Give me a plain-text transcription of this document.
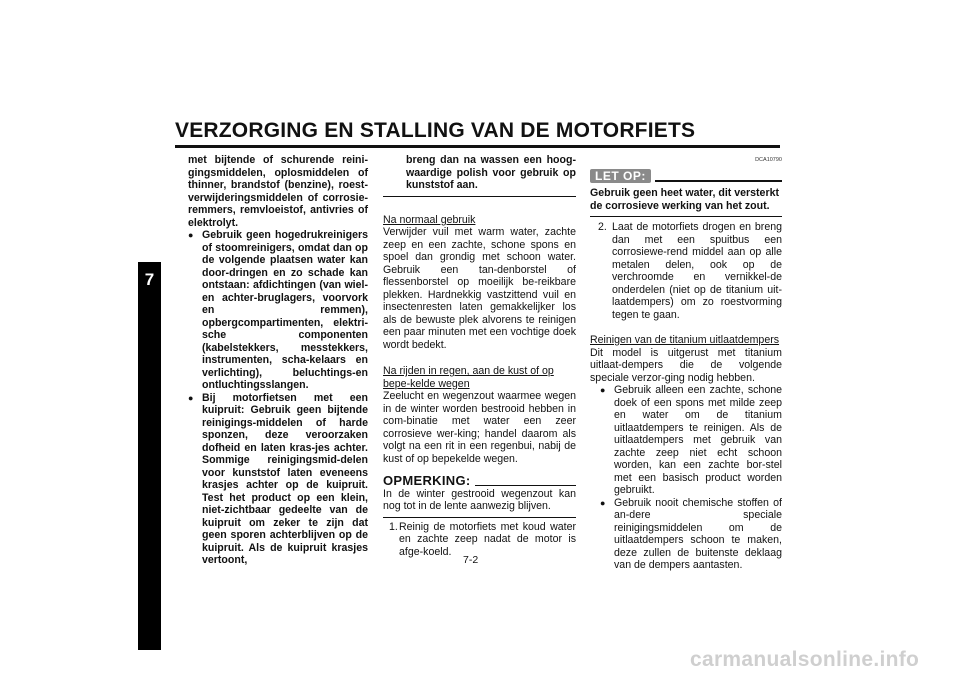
VERZORGING EN STALLING VAN DE MOTORFIETS
7

met bijtende of schurende reini-gingsmiddelen, oplosmiddelen of thinner, brandstof (benzine), roest-verwijderingsmiddelen of corrosie-remmers, remvloeistof, antivries of elektrolyt.

● Gebruik geen hogedrukreinigers of stoomreinigers, omdat dan op de volgende plaatsen water kan door-dringen en zo schade kan ontstaan: afdichtingen (van wiel- en achter-bruglagers, voorvork en remmen), opbergcompartimenten, elektri-sche componenten (kabelstekkers, messtekkers, instrumenten, scha-kelaars en verlichting), beluchtings-en ontluchtingsslangen.

● Bij motorfietsen met een kuipruit: Gebruik geen bijtende reinigings-middelen of harde sponzen, deze veroorzaken dofheid en laten kras-jes achter. Sommige reinigingsmid-delen voor kunststof laten eveneens krasjes achter op de kuipruit. Test het product op een klein, niet-zichtbaar gedeelte van de kuipruit om zeker te zijn dat geen sporen achterblijven op de kuipruit. Als de kuipruit krasjes vertoont,

breng dan na wassen een hoog-waardige polish voor gebruik op kunststof aan.

Na normaal gebruik

Verwijder vuil met warm water, zachte zeep en een zachte, schone spons en spoel dan grondig met schoon water. Gebruik een tan-denborstel of flessenborstel op moeilijk be-reikbare plekken. Hardnekkig vastzittend vuil en insectenresten laten gemakkelijker los als de bewuste plek alvorens te reinigen een paar minuten met een vochtige doek wordt bedekt.

Na rijden in regen, aan de kust of op bepe-kelde wegen

Zeelucht en wegenzout waarmee wegen in de winter worden bestrooid hebben in com-binatie met water een zeer corrosieve wer-king; handel daarom als volgt na een rit in een regenbui, nabij de kust of op bepekelde wegen.

OPMERKING:

In de winter gestrooid wegenzout kan nog tot in de lente aanwezig blijven.

1. Reinig de motorfiets met koud water en zachte zeep nadat de motor is afge-koeld.

DCA10790
LET OP:

Gebruik geen heet water, dit versterkt de corrosieve werking van het zout.

2. Laat de motorfiets drogen en breng dan met een spuitbus een corrosiewe-rend middel aan op alle metalen delen, ook op de verchroomde en vernikkel-de onderdelen (niet op de titanium uit-laatdempers) om zo roestvorming tegen te gaan.

Reinigen van de titanium uitlaatdempers

Dit model is uitgerust met titanium uitlaat-dempers die de volgende speciale verzor-ging nodig hebben.

● Gebruik alleen een zachte, schone doek of een spons met milde zeep en water om de titanium uitlaatdempers te reinigen. Als de uitlaatdempers met gebruik van zachte zeep niet echt schoon worden, kan een zachte bor-stel met een basisch product worden gebruikt.

● Gebruik nooit chemische stoffen of an-dere speciale reinigingsmiddelen om de uitlaatdempers schoon te maken, deze zullen de buitenste deklaag van de dempers aantasten.

7-2
carmanualsonline.info
